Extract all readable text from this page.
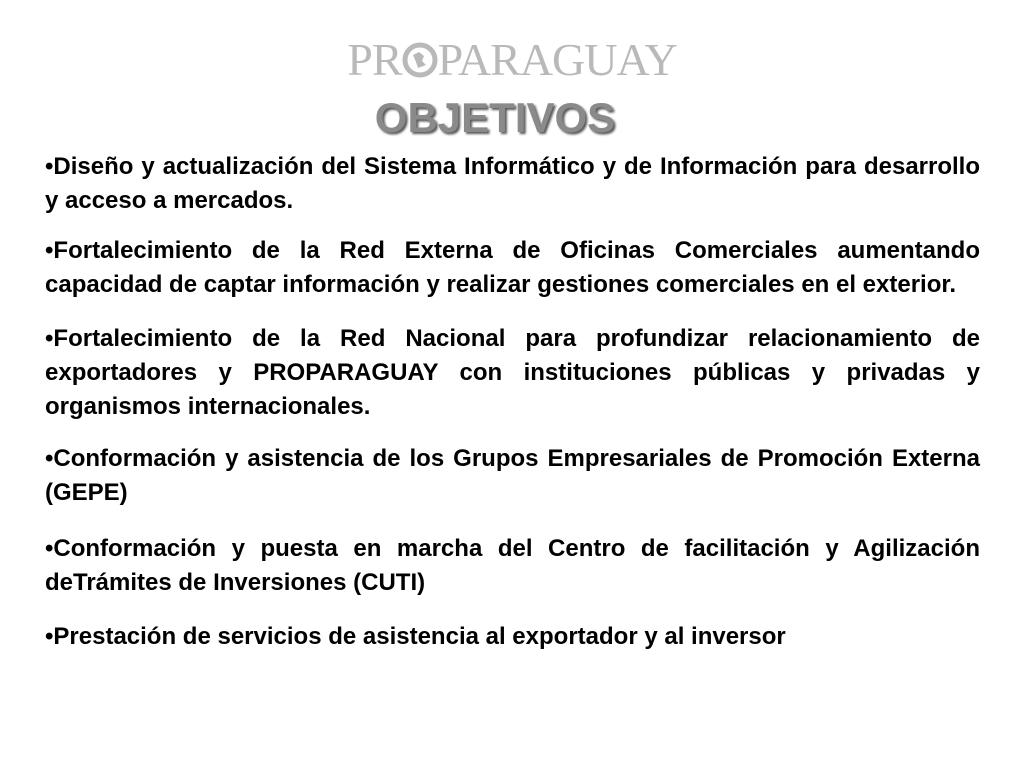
PR PARAGUAY
OBJETIVOS

•Diseño y actualización del Sistema Informático y de Información para desarrollo y acceso a mercados.

•Fortalecimiento de la Red Externa de Oficinas Comerciales aumentando capacidad de captar información y realizar gestiones comerciales en el exterior.

•Fortalecimiento de la Red Nacional para profundizar relacionamiento de exportadores y PROPARAGUAY con instituciones públicas y privadas y organismos internacionales.

•Conformación y asistencia de los Grupos Empresariales de Promoción Externa (GEPE)

•Conformación y puesta en marcha del Centro de facilitación y Agilización deTrámites de Inversiones (CUTI)

•Prestación de servicios de asistencia al exportador y al inversor
